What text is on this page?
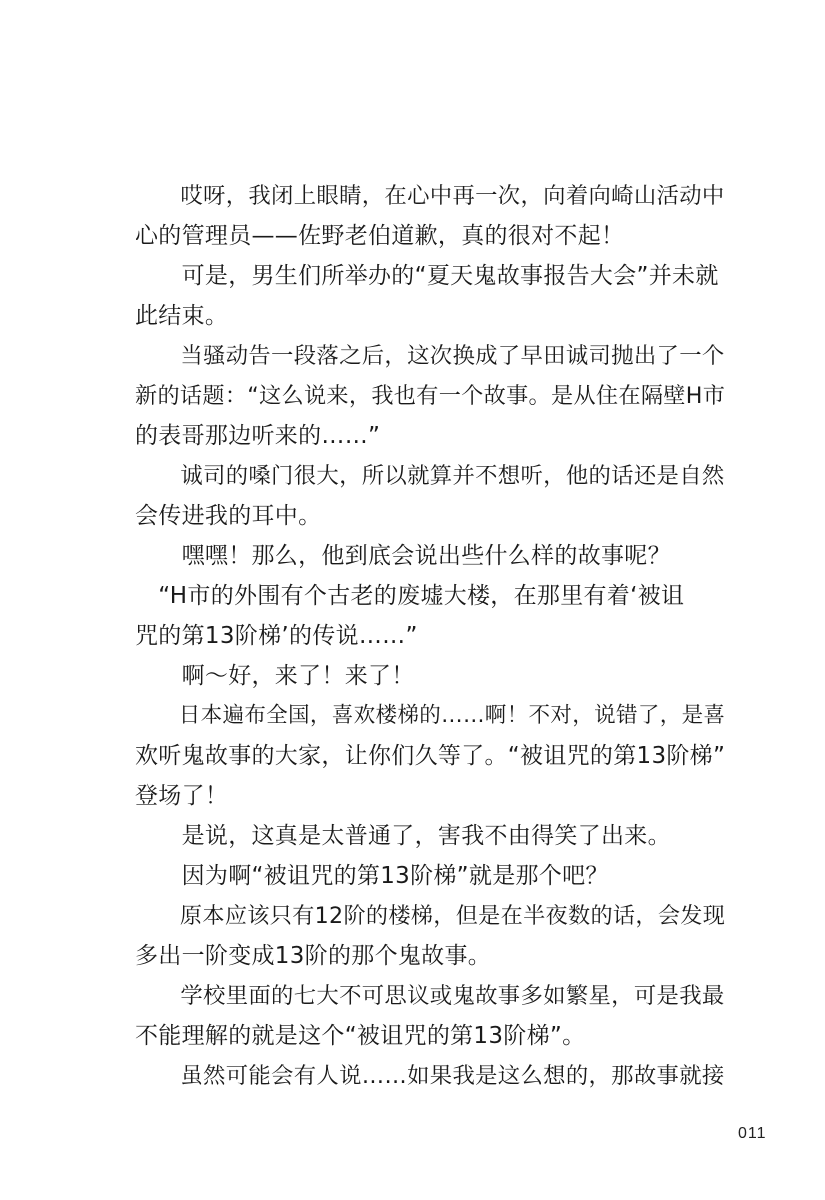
　　哎呀，我闭上眼睛，在心中再一次，向着向崎山活动中
心的管理员——佐野老伯道歉，真的很对不起！
　　可是，男生们所举办的“夏天鬼故事报告大会”并未就
此结束。
　　当骚动告一段落之后，这次换成了早田诚司抛出了一个
新的话题：“这么说来，我也有一个故事。是从住在隔壁H市
的表哥那边听来的……”
　　诚司的嗓门很大，所以就算并不想听，他的话还是自然
会传进我的耳中。
　　嘿嘿！那么，他到底会说出些什么样的故事呢？
　“H市的外围有个古老的废墟大楼，在那里有着‘被诅
咒的第13阶梯’的传说……”
　　啊～好，来了！来了！
　　日本遍布全国，喜欢楼梯的……啊！不对，说错了，是喜
欢听鬼故事的大家，让你们久等了。“被诅咒的第13阶梯”
登场了！
　　是说，这真是太普通了，害我不由得笑了出来。
　　因为啊“被诅咒的第13阶梯”就是那个吧？
　　原本应该只有12阶的楼梯，但是在半夜数的话，会发现
多出一阶变成13阶的那个鬼故事。
　　学校里面的七大不可思议或鬼故事多如繁星，可是我最
不能理解的就是这个“被诅咒的第13阶梯”。
　　虽然可能会有人说……如果我是这么想的，那故事就接
011
